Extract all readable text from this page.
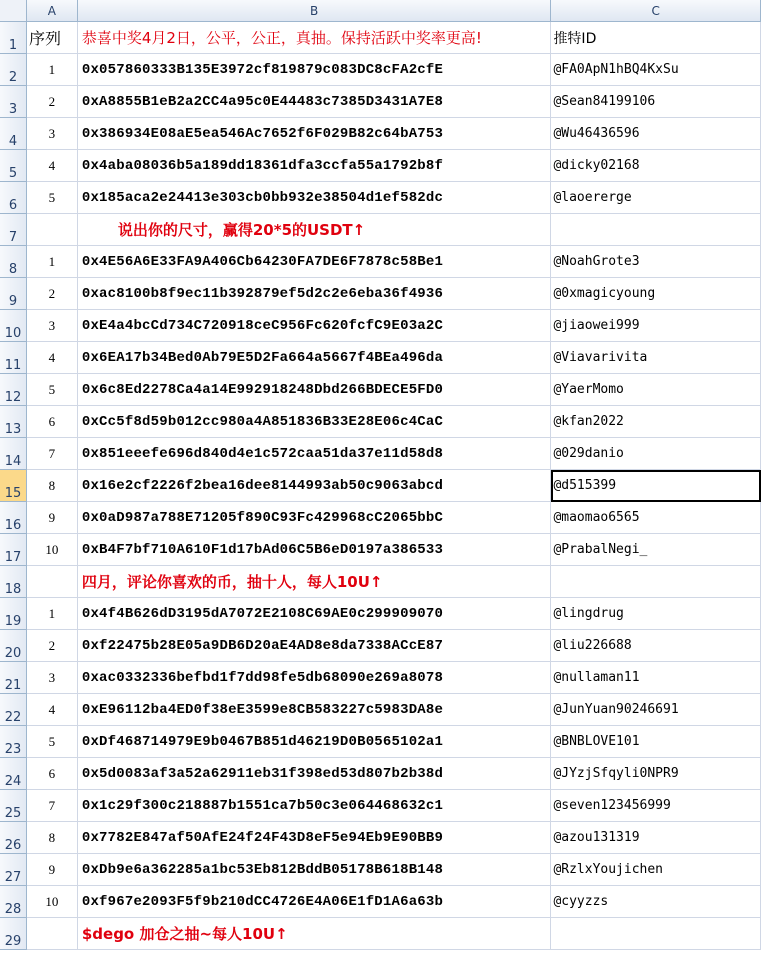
	A	B	C
1	序列	恭喜中奖4月2日，公平，公正，真抽。保持活跃中奖率更高!	推特ID
2	1	0x057860333B135E3972cf819879c083DC8cFA2cfE	@FA0ApN1hBQ4KxSu
3	2	0xA8855B1eB2a2CC4a95c0E44483c7385D3431A7E8	@Sean84199106
4	3	0x386934E08aE5ea546Ac7652f6F029B82c64bA753	@Wu46436596
5	4	0x4aba08036b5a189dd18361dfa3ccfa55a1792b8f	@dicky02168
6	5	0x185aca2e24413e303cb0bb932e38504d1ef582dc	@laoererge
7		说出你的尺寸，赢得20*5的USDT↑	
8	1	0x4E56A6E33FA9A406Cb64230FA7DE6F7878c58Be1	@NoahGrote3
9	2	0xac8100b8f9ec11b392879ef5d2c2e6eba36f4936	@0xmagicyoung
10	3	0xE4a4bcCd734C720918ceC956Fc620fcfC9E03a2C	@jiaowei999
11	4	0x6EA17b34Bed0Ab79E5D2Fa664a5667f4BEa496da	@Viavarivita
12	5	0x6c8Ed2278Ca4a14E992918248Dbd266BDECE5FD0	@YaerMomo
13	6	0xCc5f8d59b012cc980a4A851836B33E28E06c4CaC	@kfan2022
14	7	0x851eeefe696d840d4e1c572caa51da37e11d58d8	@029danio
15	8	0x16e2cf2226f2bea16dee8144993ab50c9063abcd	@d515399
16	9	0x0aD987a788E71205f890C93Fc429968cC2065bbC	@maomao6565
17	10	0xB4F7bf710A610F1d17bAd06C5B6eD0197a386533	@PrabalNegi_
18		四月，评论你喜欢的币，抽十人，每人10U↑	
19	1	0x4f4B626dD3195dA7072E2108C69AE0c299909070	@lingdrug
20	2	0xf22475b28E05a9DB6D20aE4AD8e8da7338ACcE87	@liu226688
21	3	0xac0332336befbd1f7dd98fe5db68090e269a8078	@nullaman11
22	4	0xE96112ba4ED0f38eE3599e8CB583227c5983DA8e	@JunYuan90246691
23	5	0xDf468714979E9b0467B851d46219D0B0565102a1	@BNBLOVE101
24	6	0x5d0083af3a52a62911eb31f398ed53d807b2b38d	@JYzjSfqyli0NPR9
25	7	0x1c29f300c218887b1551ca7b50c3e064468632c1	@seven123456999
26	8	0x7782E847af50AfE24f24F43D8eF5e94Eb9E90BB9	@azou131319
27	9	0xDb9e6a362285a1bc53Eb812BddB05178B618B148	@RzlxYoujichen
28	10	0xf967e2093F5f9b210dCC4726E4A06E1fD1A6a63b	@cyyzzs
29		$dego 加仓之抽~每人10U↑	
